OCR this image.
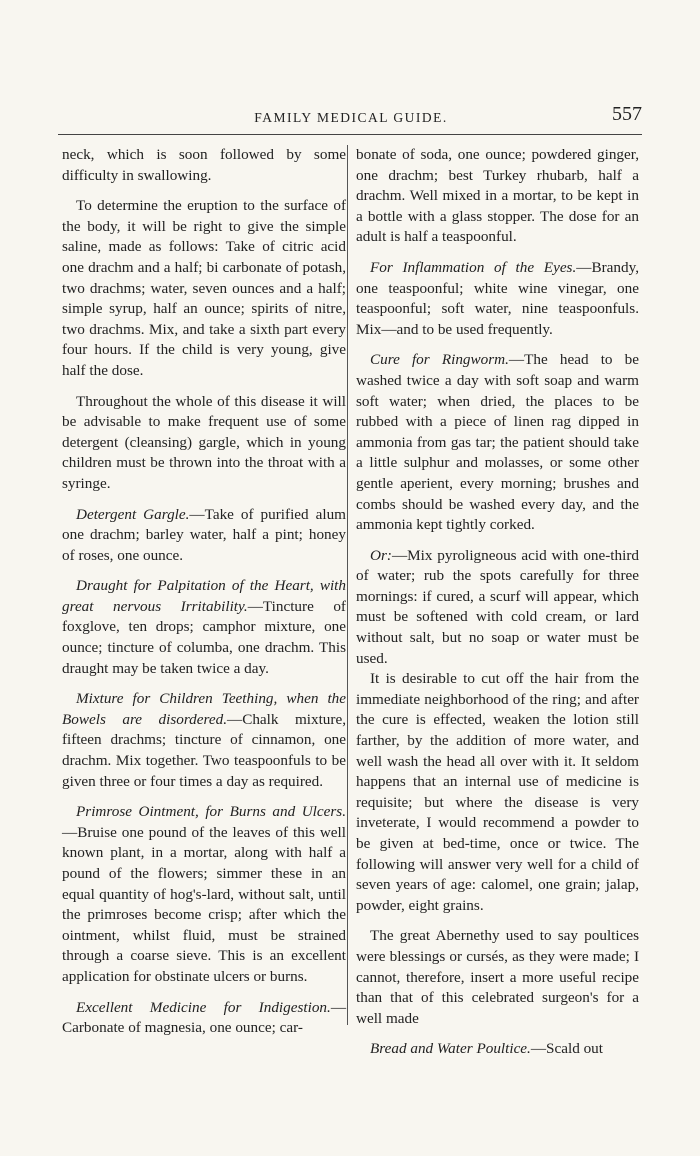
FAMILY MEDICAL GUIDE.	557

neck, which is soon followed by some difficulty in swallowing.

To determine the eruption to the surface of the body, it will be right to give the simple saline, made as follows: Take of citric acid one drachm and a half; bi carbonate of potash, two drachms; water, seven ounces and a half; simple syrup, half an ounce; spirits of nitre, two drachms. Mix, and take a sixth part every four hours. If the child is very young, give half the dose.

Throughout the whole of this disease it will be advisable to make frequent use of some detergent (cleansing) gargle, which in young children must be thrown into the throat with a syringe.

Detergent Gargle.—Take of purified alum one drachm; barley water, half a pint; honey of roses, one ounce.

Draught for Palpitation of the Heart, with great nervous Irritability.—Tincture of foxglove, ten drops; camphor mixture, one ounce; tincture of columba, one drachm. This draught may be taken twice a day.

Mixture for Children Teething, when the Bowels are disordered.—Chalk mixture, fifteen drachms; tincture of cinnamon, one drachm. Mix together. Two teaspoonfuls to be given three or four times a day as required.

Primrose Ointment, for Burns and Ulcers.—Bruise one pound of the leaves of this well known plant, in a mortar, along with half a pound of the flowers; simmer these in an equal quantity of hog's-lard, without salt, until the primroses become crisp; after which the ointment, whilst fluid, must be strained through a coarse sieve. This is an excellent application for obstinate ulcers or burns.

Excellent Medicine for Indigestion.—Carbonate of magnesia, one ounce; car-

bonate of soda, one ounce; powdered ginger, one drachm; best Turkey rhubarb, half a drachm. Well mixed in a mortar, to be kept in a bottle with a glass stopper. The dose for an adult is half a teaspoonful.

For Inflammation of the Eyes.—Brandy, one teaspoonful; white wine vinegar, one teaspoonful; soft water, nine teaspoonfuls. Mix—and to be used frequently.

Cure for Ringworm.—The head to be washed twice a day with soft soap and warm soft water; when dried, the places to be rubbed with a piece of linen rag dipped in ammonia from gas tar; the patient should take a little sulphur and molasses, or some other gentle aperient, every morning; brushes and combs should be washed every day, and the ammonia kept tightly corked.

Or:—Mix pyroligneous acid with one-third of water; rub the spots carefully for three mornings: if cured, a scurf will appear, which must be softened with cold cream, or lard without salt, but no soap or water must be used.

It is desirable to cut off the hair from the immediate neighborhood of the ring; and after the cure is effected, weaken the lotion still farther, by the addition of more water, and well wash the head all over with it. It seldom happens that an internal use of medicine is requisite; but where the disease is very inveterate, I would recommend a powder to be given at bed-time, once or twice. The following will answer very well for a child of seven years of age: calomel, one grain; jalap, powder, eight grains.

The great Abernethy used to say poultices were blessings or cursés, as they were made; I cannot, therefore, insert a more useful recipe than that of this celebrated surgeon's for a well made

Bread and Water Poultice.—Scald out
